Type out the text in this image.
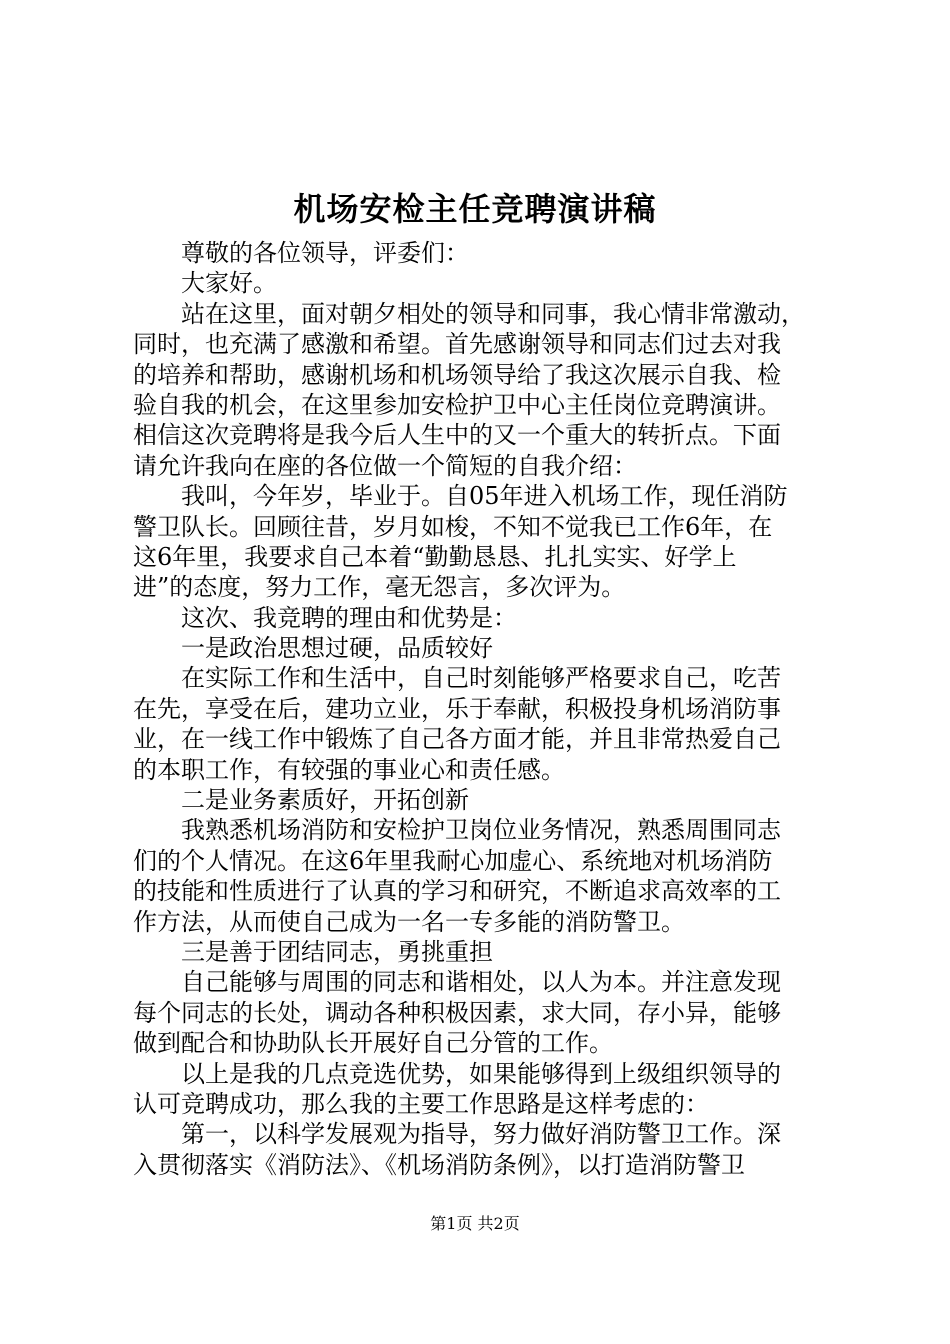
机场安检主任竞聘演讲稿
尊敬的各位领导，评委们：
大家好。
站在这里，面对朝夕相处的领导和同事，我心情非常激动，
同时，也充满了感激和希望。首先感谢领导和同志们过去对我
的培养和帮助，感谢机场和机场领导给了我这次展示自我、检
验自我的机会，在这里参加安检护卫中心主任岗位竞聘演讲。
相信这次竞聘将是我今后人生中的又一个重大的转折点。下面
请允许我向在座的各位做一个简短的自我介绍：
我叫，今年岁，毕业于。自05年进入机场工作，现任消防
警卫队长。回顾往昔，岁月如梭，不知不觉我已工作6年，在
这6年里，我要求自己本着“勤勤恳恳、扎扎实实、好学上
进”的态度，努力工作，毫无怨言，多次评为。
这次、我竞聘的理由和优势是：
一是政治思想过硬，品质较好
在实际工作和生活中，自己时刻能够严格要求自己，吃苦
在先，享受在后，建功立业，乐于奉献，积极投身机场消防事
业，在一线工作中锻炼了自己各方面才能，并且非常热爱自己
的本职工作，有较强的事业心和责任感。
二是业务素质好，开拓创新
我熟悉机场消防和安检护卫岗位业务情况，熟悉周围同志
们的个人情况。在这6年里我耐心加虚心、系统地对机场消防
的技能和性质进行了认真的学习和研究，不断追求高效率的工
作方法，从而使自己成为一名一专多能的消防警卫。
三是善于团结同志，勇挑重担
自己能够与周围的同志和谐相处，以人为本。并注意发现
每个同志的长处，调动各种积极因素，求大同，存小异，能够
做到配合和协助队长开展好自己分管的工作。
以上是我的几点竞选优势，如果能够得到上级组织领导的
认可竞聘成功，那么我的主要工作思路是这样考虑的：
第一，以科学发展观为指导，努力做好消防警卫工作。深
入贯彻落实《消防法》、《机场消防条例》，以打造消防警卫
第1页 共2页
